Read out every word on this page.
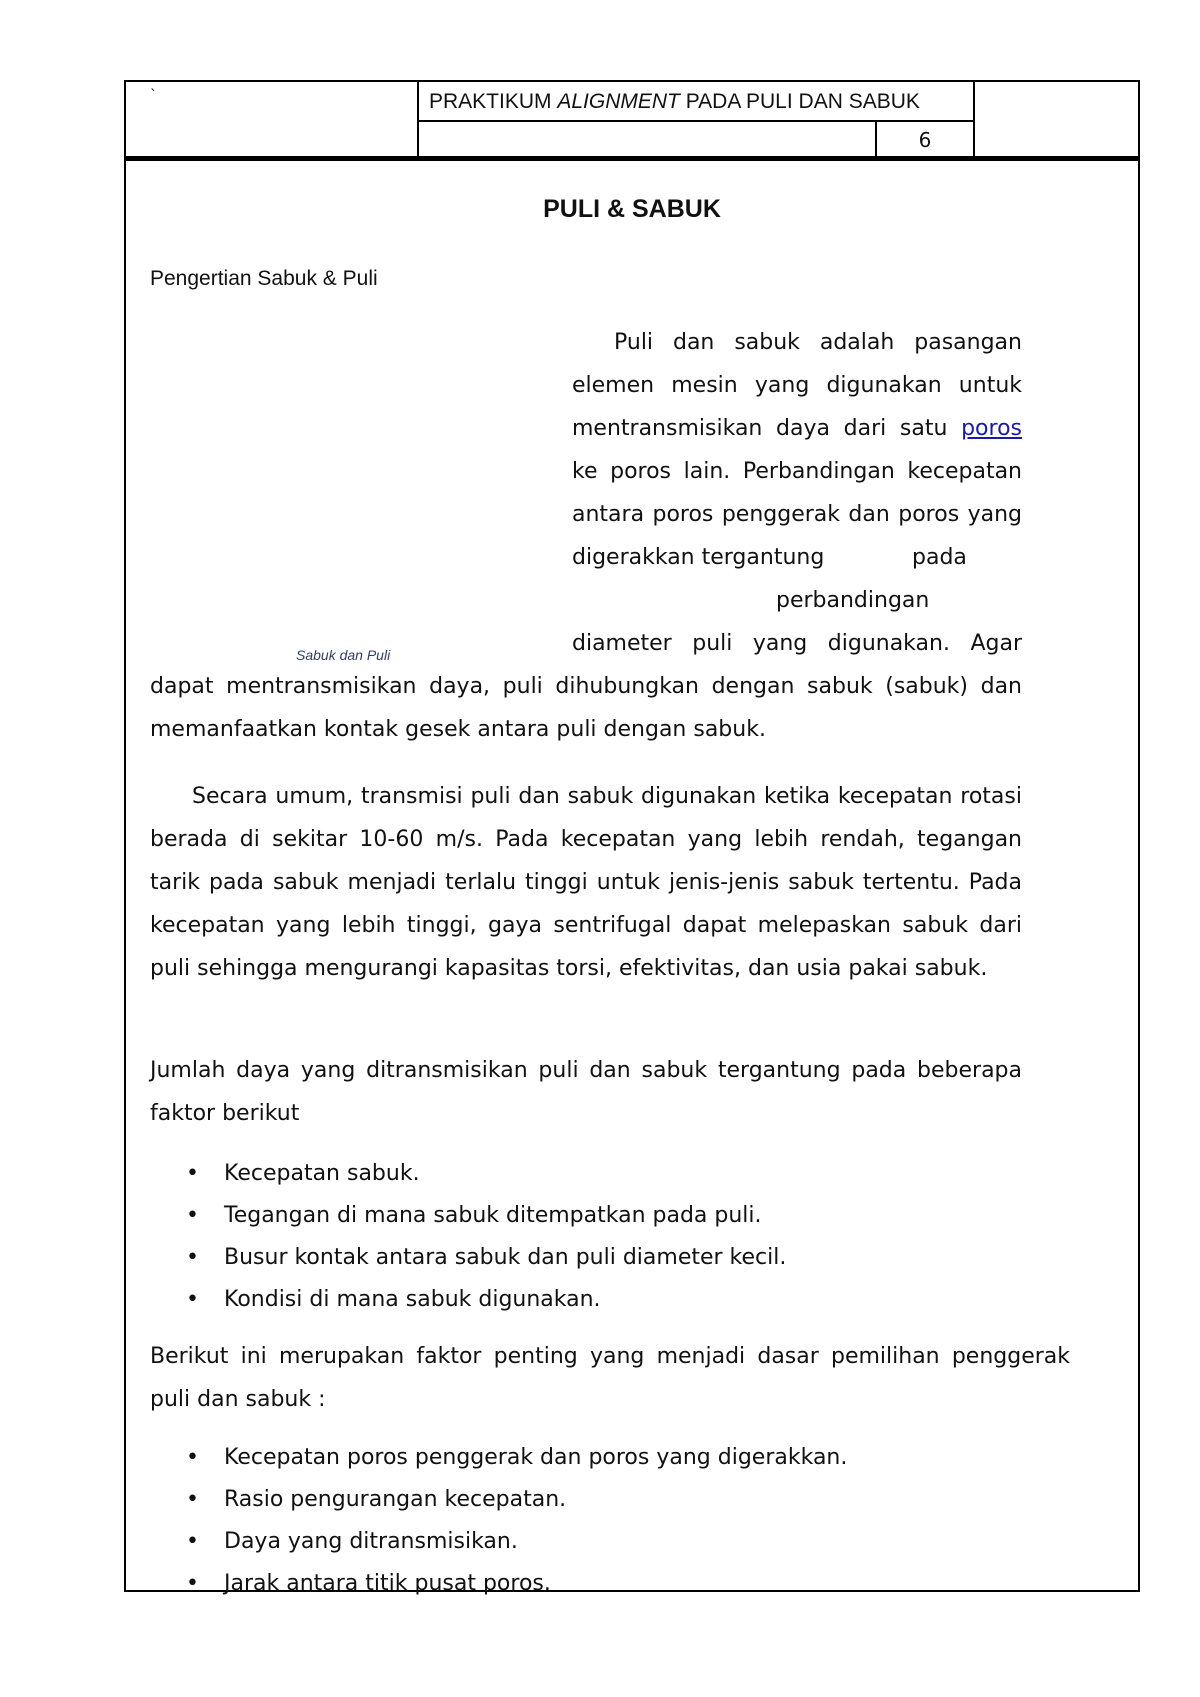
`	PRAKTIKUM ALIGNMENT PADA PULI DAN SABUK
6
PULI & SABUK
Pengertian Sabuk & Puli
Sabuk dan Puli
Puli dan sabuk adalah pasangan
elemen mesin yang digunakan untuk
mentransmisikan daya dari satu poros
ke poros lain. Perbandingan kecepatan
antara poros penggerak dan poros yang
digerakkan tergantung	pada
perbandingan
diameter puli yang digunakan. Agar
dapat mentransmisikan daya, puli dihubungkan dengan sabuk (sabuk) dan
memanfaatkan kontak gesek antara puli dengan sabuk.

Secara umum, transmisi puli dan sabuk digunakan ketika kecepatan rotasi berada di sekitar 10-60 m/s. Pada kecepatan yang lebih rendah, tegangan tarik pada sabuk menjadi terlalu tinggi untuk jenis-jenis sabuk tertentu. Pada kecepatan yang lebih tinggi, gaya sentrifugal dapat melepaskan sabuk dari puli sehingga mengurangi kapasitas torsi, efektivitas, dan usia pakai sabuk.

Jumlah daya yang ditransmisikan puli dan sabuk tergantung pada beberapa faktor berikut

• Kecepatan sabuk.
• Tegangan di mana sabuk ditempatkan pada puli.
• Busur kontak antara sabuk dan puli diameter kecil.
• Kondisi di mana sabuk digunakan.

Berikut ini merupakan faktor penting yang menjadi dasar pemilihan penggerak puli dan sabuk :

• Kecepatan poros penggerak dan poros yang digerakkan.
• Rasio pengurangan kecepatan.
• Daya yang ditransmisikan.
• Jarak antara titik pusat poros.
